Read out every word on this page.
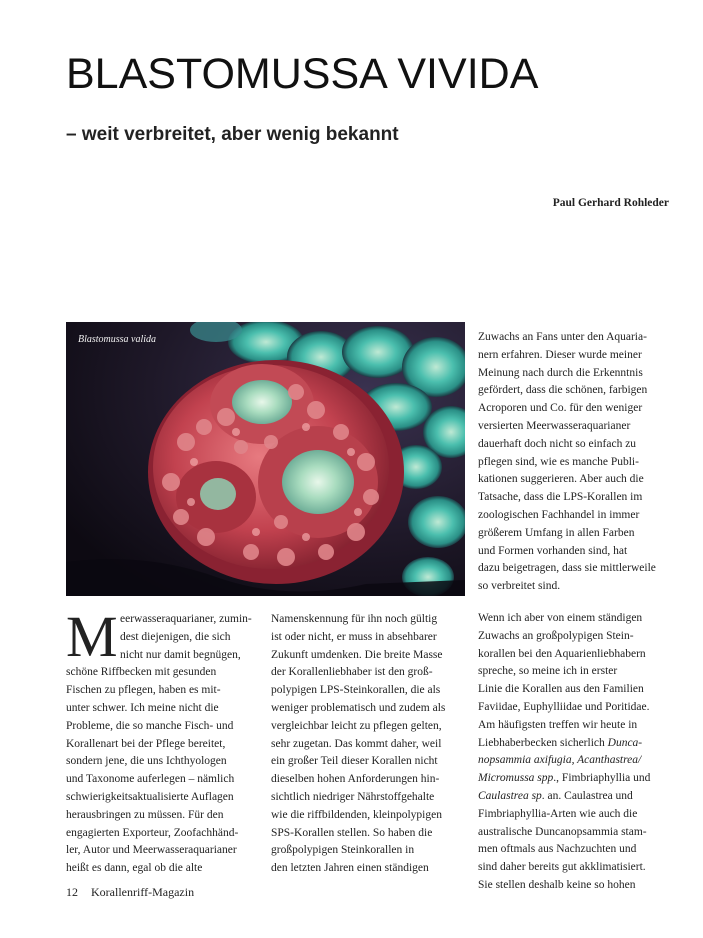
BLASTOMUSSA VIVIDA
– weit verbreitet, aber wenig bekannt
Paul Gerhard Rohleder
Blastomussa valida
M eerwasseraquarianer, zumin-
dest diejenigen, die sich
nicht nur damit begnügen,
schöne Riffbecken mit gesunden
Fischen zu pflegen, haben es mit-
unter schwer. Ich meine nicht die
Probleme, die so manche Fisch- und
Korallenart bei der Pflege bereitet,
sondern jene, die uns Ichthyologen
und Taxonome auferlegen – nämlich
schwierigkeitsaktualisierte Auflagen
herausbringen zu müssen. Für den
engagierten Exporteur, Zoofachhänd-
ler, Autor und Meerwasseraquarianer
heißt es dann, egal ob die alte
Namenskennung für ihn noch gültig
ist oder nicht, er muss in absehbarer
Zukunft umdenken. Die breite Masse
der Korallenliebhaber ist den groß-
polypigen LPS-Steinkorallen, die als
weniger problematisch und zudem als
vergleichbar leicht zu pflegen gelten,
sehr zugetan. Das kommt daher, weil
ein großer Teil dieser Korallen nicht
dieselben hohen Anforderungen hin-
sichtlich niedriger Nährstoffgehalte
wie die riffbildenden, kleinpolypigen
SPS-Korallen stellen. So haben die
großpolypigen Steinkorallen in
den letzten Jahren einen ständigen
Zuwachs an Fans unter den Aquaria-
nern erfahren. Dieser wurde meiner
Meinung nach durch die Erkenntnis
gefördert, dass die schönen, farbigen
Acroporen und Co. für den weniger
versierten Meerwasseraquarianer
dauerhaft doch nicht so einfach zu
pflegen sind, wie es manche Publi-
kationen suggerieren. Aber auch die
Tatsache, dass die LPS-Korallen im
zoologischen Fachhandel in immer
größerem Umfang in allen Farben
und Formen vorhanden sind, hat
dazu beigetragen, dass sie mittlerweile
so verbreitet sind.
Wenn ich aber von einem ständigen
Zuwachs an großpolypigen Stein-
korallen bei den Aquarienliebhabern
spreche, so meine ich in erster
Linie die Korallen aus den Familien
Faviidae, Euphylliidae und Poritidae.
Am häufigsten treffen wir heute in
Liebhaberbecken sicherlich Dunca-
nopsammia axifugia, Acanthastrea/
Micromussa spp., Fimbriaphyllia und
Caulastrea sp. an. Caulastrea und
Fimbriaphyllia-Arten wie auch die
australische Duncanopsammia stam-
men oftmals aus Nachzuchten und
sind daher bereits gut akklimatisiert.
Sie stellen deshalb keine so hohen
12 Korallenriff-Magazin
